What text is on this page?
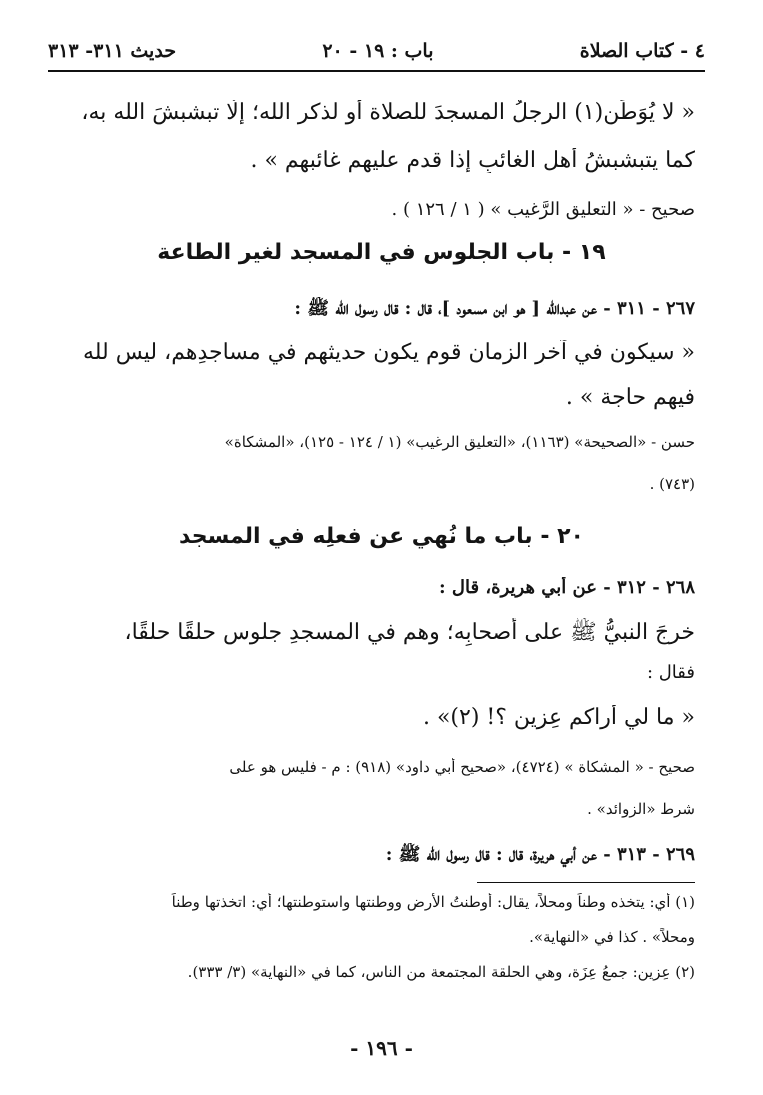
٤ - كتاب الصلاة
باب : ١٩ - ٢٠
حديث ٣١١- ٣١٣
« لا يُوَطِّن(١) الرجلُ المسجدَ للصلاة أو لذكر الله؛ إلّا تبشبشَ الله به،
كما يتبشبشُ أهل الغائبِ إذا قدم عليهم غائبهم » .
صحيح - « التعليق الرَّغيب » ( ١ / ١٢٦ ) .
١٩ - باب الجلوس في المسجد لغير الطاعة
٢٦٧ - ٣١١ - عن عبدالله [ هو ابن مسعود ]، قال : قال رسول الله ﷺ :
« سيكون في آخرِ الزمان قوم يكون حديثهم في مساجدِهم، ليس لله
فيهم حاجة » .
حسن - «الصحيحة» (١١٦٣)، «التعليق الرغيب» (١ / ١٢٤ - ١٢٥)، «المشكاة»
(٧٤٣) .
٢٠ - باب ما نُهي عن فعلِه في المسجد
٢٦٨ - ٣١٢ - عن أبي هريرة، قال :
خرجَ النبيُّ ﷺ على أصحابِه؛ وهم في المسجدِ جلوس حلقًا حلقًا،
فقال :
« ما لي أراكم عِزين ؟! (٢)» .
صحيح - « المشكاة » (٤٧٢٤)، «صحيح أبي داود» (٩١٨) : م - فليس هو على
شرط «الزوائد» .
٢٦٩ - ٣١٣ - عن أبي هريرة، قال : قال رسول الله ﷺ :
(١) أي: يتخذه وطناً ومحلاً، يقال: أوطنتُ الأرض ووطنتها واستوطنتها؛ أي: اتخذتها وطناً
ومحلاً» . كذا في «النهاية».
(٢) عِزين: جمعُ عِزَة، وهي الحلقة المجتمعة من الناس، كما في «النهاية» (٣/ ٣٣٣).
- ١٩٦ -
